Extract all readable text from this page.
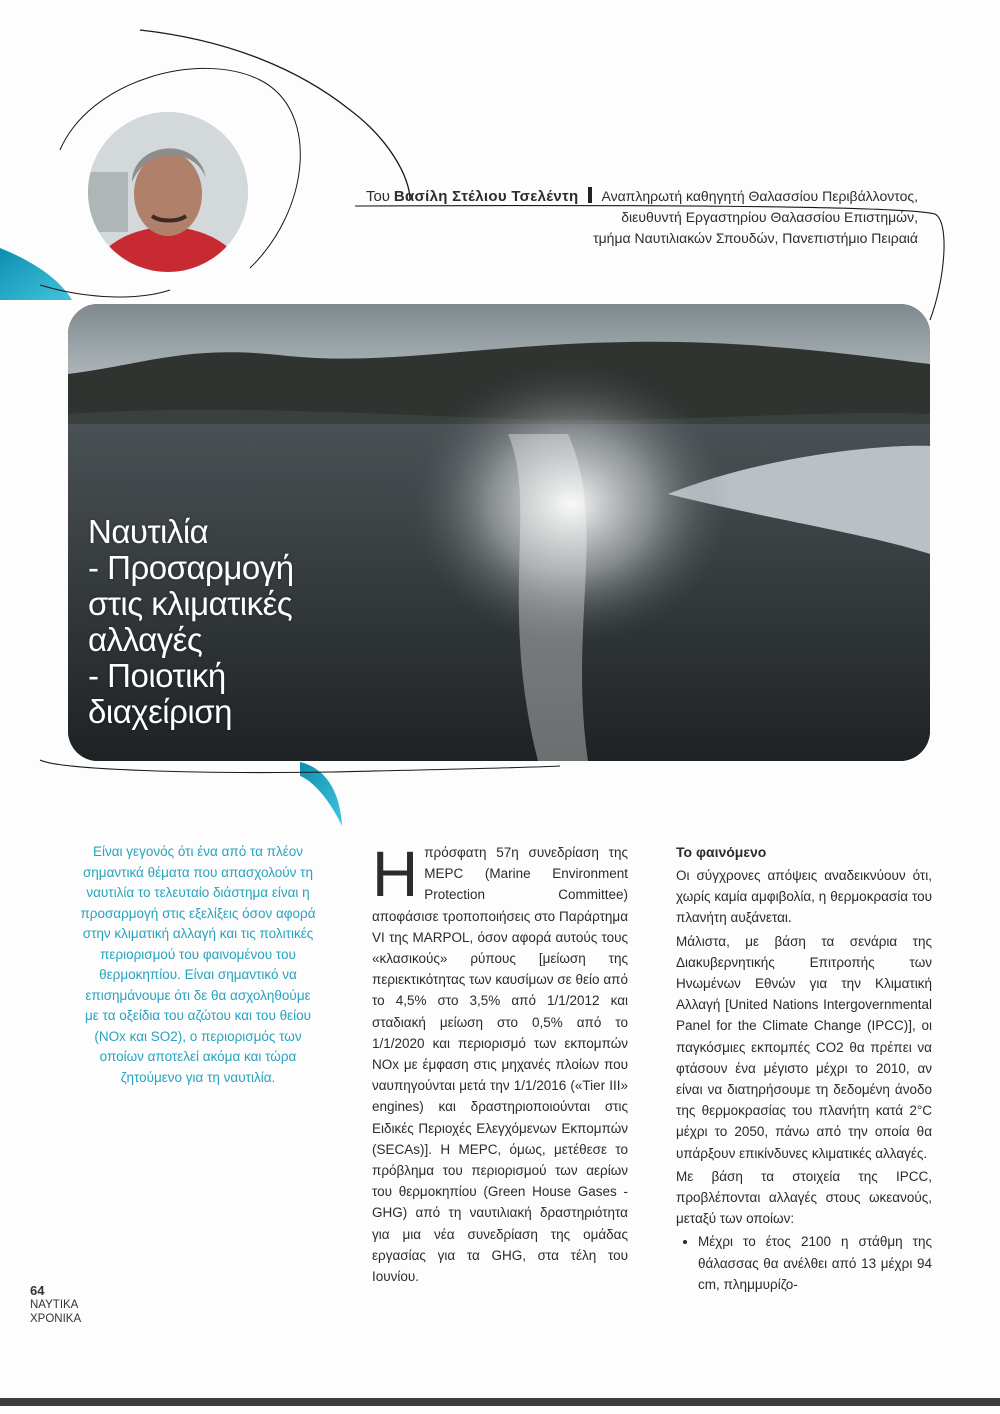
Του Βασίλη Στέλιου Τσελέντη Αναπληρωτή καθηγητή Θαλασσίου Περιβάλλοντος,
διευθυντή Εργαστηρίου Θαλασσίου Επιστημών,
τμήμα Ναυτιλιακών Σπουδών, Πανεπιστήμιο Πειραιά
Ναυτιλία
- Προσαρμογή
στις κλιματικές
αλλαγές
- Ποιοτική
διαχείριση
Είναι γεγονός ότι ένα από τα πλέον σημαντικά θέματα που απασχολούν τη ναυτιλία το τελευταίο διάστημα είναι η προσαρμογή στις εξελίξεις όσον αφορά στην κλιματική αλλαγή και τις πολιτικές περιορισμού του φαινομένου του θερμοκηπίου. Είναι σημαντικό να επισημάνουμε ότι δε θα ασχοληθούμε με τα οξείδια του αζώτου και του θείου (ΝΟx και SO2), ο περιορισμός των οποίων αποτελεί ακόμα και τώρα ζητούμενο για τη ναυτιλία.
Η πρόσφατη 57η συνεδρίαση της MEPC (Marine Environment Protection Committee) αποφάσισε τροποποιήσεις στο Παράρτημα VI της MARPOL, όσον αφορά αυτούς τους «κλασικούς» ρύπους [μείωση της περιεκτικότητας των καυσίμων σε θείο από το 4,5% στο 3,5% από 1/1/2012 και σταδιακή μείωση στο 0,5% από το 1/1/2020 και περιορισμό των εκπομπών NOx με έμφαση στις μηχανές πλοίων που ναυπηγούνται μετά την 1/1/2016 («Tier III» engines) και δραστηριοποιούνται στις Ειδικές Περιοχές Ελεγχόμενων Εκπομπών (SECAs)]. Η MEPC, όμως, μετέθεσε το πρόβλημα του περιορισμού των αερίων του θερμοκηπίου (Green House Gases - GHG) από τη ναυτιλιακή δραστηριότητα για μια νέα συνεδρίαση της ομάδας εργασίας για τα GHG, στα τέλη του Ιουνίου.
Το φαινόμενο

Οι σύγχρονες απόψεις αναδεικνύουν ότι, χωρίς καμία αμφιβολία, η θερμοκρασία του πλανήτη αυξάνεται.

Μάλιστα, με βάση τα σενάρια της Διακυβερνητικής Επιτροπής των Ηνωμένων Εθνών για την Κλιματική Αλλαγή [United Nations Intergovernmental Panel for the Climate Change (IPCC)], οι παγκόσμιες εκπομπές CO2 θα πρέπει να φτάσουν ένα μέγιστο μέχρι το 2010, αν είναι να διατηρήσουμε τη δεδομένη άνοδο της θερμοκρασίας του πλανήτη κατά 2°C μέχρι το 2050, πάνω από την οποία θα υπάρξουν επικίνδυνες κλιματικές αλλαγές.

Με βάση τα στοιχεία της IPCC, προβλέπονται αλλαγές στους ωκεανούς, μεταξύ των οποίων:

• Μέχρι το έτος 2100 η στάθμη της θάλασσας θα ανέλθει από 13 μέχρι 94 cm, πλημμυρίζο-
64
ΝΑΥΤΙΚΑ
ΧΡΟΝΙΚΑ
